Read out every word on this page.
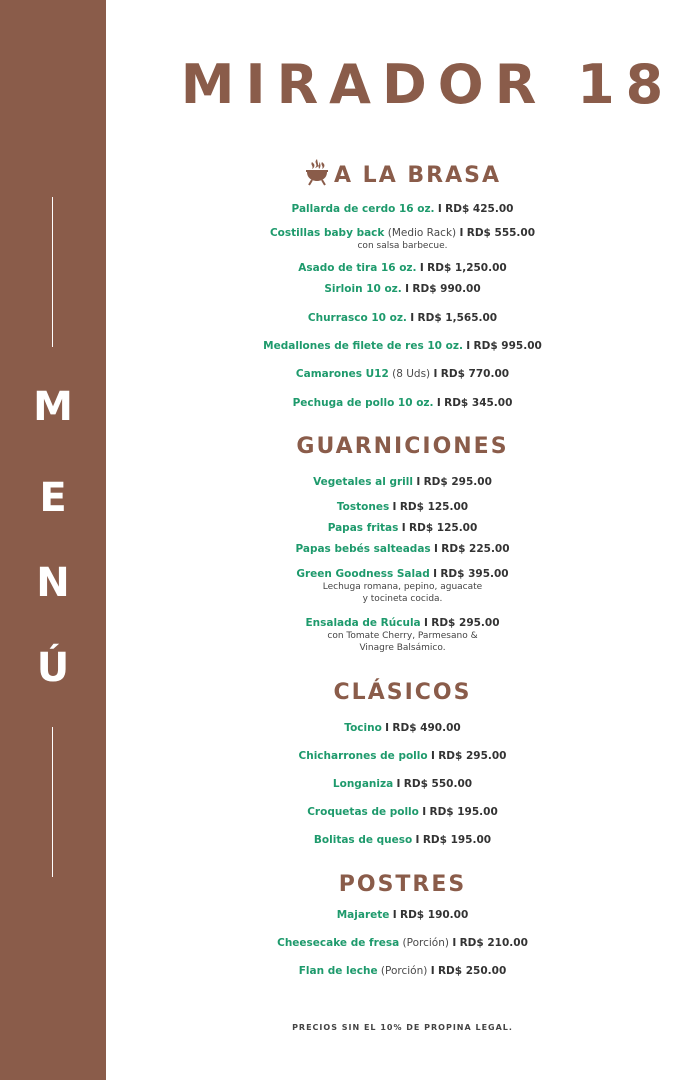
M
E
N
Ú
MIRADOR 18
A LA BRASA
Pallarda de cerdo 16 oz. I RD$ 425.00
Costillas baby back (Medio Rack) I RD$ 555.00
con salsa barbecue.
Asado de tira 16 oz. I RD$ 1,250.00
Sirloin 10 oz. I RD$ 990.00
Churrasco 10 oz. I RD$ 1,565.00
Medallones de filete de res 10 oz. I RD$ 995.00
Camarones U12 (8 Uds) I RD$ 770.00
Pechuga de pollo 10 oz. I RD$ 345.00
GUARNICIONES
Vegetales al grill I RD$ 295.00
Tostones I RD$ 125.00
Papas fritas I RD$ 125.00
Papas bebés salteadas I RD$ 225.00
Green Goodness Salad I RD$ 395.00
Lechuga romana, pepino, aguacate
y tocineta cocida.
Ensalada de Rúcula I RD$ 295.00
con Tomate Cherry, Parmesano &
Vinagre Balsámico.
CLÁSICOS
Tocino I RD$ 490.00
Chicharrones de pollo I RD$ 295.00
Longaniza I RD$ 550.00
Croquetas de pollo I RD$ 195.00
Bolitas de queso I RD$ 195.00
POSTRES
Majarete I RD$ 190.00
Cheesecake de fresa (Porción) I RD$ 210.00
Flan de leche (Porción) I RD$ 250.00
PRECIOS SIN EL 10% DE PROPINA LEGAL.
